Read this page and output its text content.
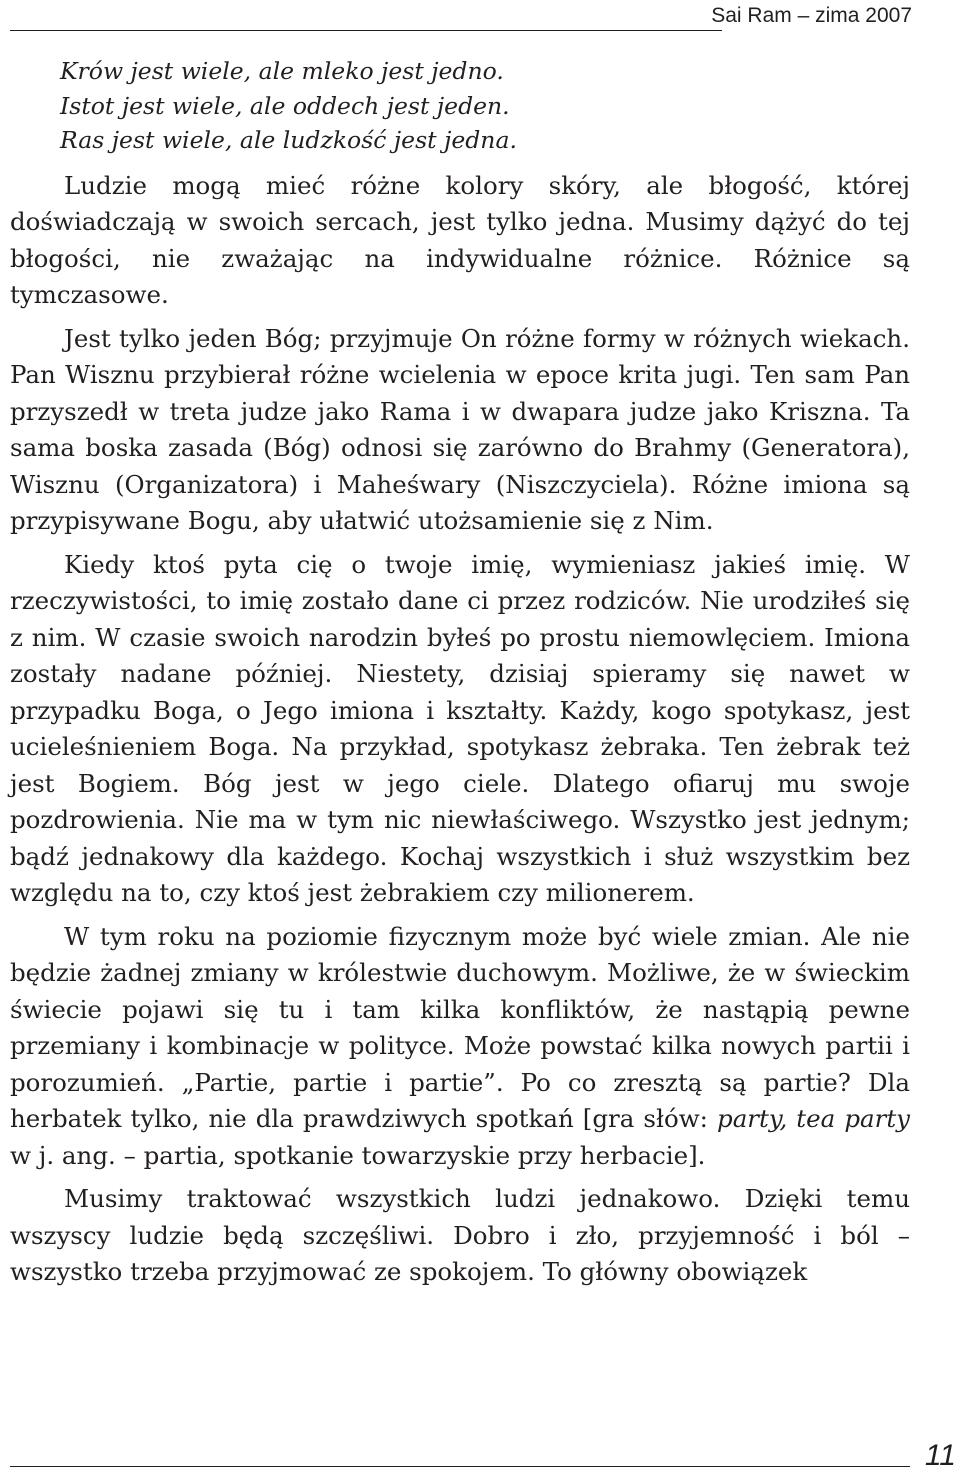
Sai Ram – zima 2007

Krów jest wiele, ale mleko jest jedno.

Istot jest wiele, ale oddech jest jeden.

Ras jest wiele, ale ludzkość jest jedna.

Ludzie mogą mieć różne kolory skóry, ale błogość, której doświadczają w swoich sercach, jest tylko jedna. Musimy dążyć do tej błogości, nie zważając na indywidualne różnice. Różnice są tymczasowe.

Jest tylko jeden Bóg; przyjmuje On różne formy w różnych wiekach. Pan Wisznu przybierał różne wcielenia w epoce krita jugi. Ten sam Pan przyszedł w treta judze jako Rama i w dwapara judze jako Kriszna. Ta sama boska zasada (Bóg) odnosi się zarówno do Brahmy (Generatora), Wisznu (Organizatora) i Maheśwary (Niszczyciela). Różne imiona są przypisywane Bogu, aby ułatwić utożsamienie się z Nim.

Kiedy ktoś pyta cię o twoje imię, wymieniasz jakieś imię. W rzeczywistości, to imię zostało dane ci przez rodziców. Nie urodziłeś się z nim. W czasie swoich narodzin byłeś po prostu niemowlęciem. Imiona zostały nadane później. Niestety, dzisiaj spieramy się nawet w przypadku Boga, o Jego imiona i kształty. Każdy, kogo spotykasz, jest ucieleśnieniem Boga. Na przykład, spotykasz żebraka. Ten żebrak też jest Bogiem. Bóg jest w jego ciele. Dlatego ofiaruj mu swoje pozdrowienia. Nie ma w tym nic niewłaściwego. Wszystko jest jednym; bądź jednakowy dla każdego. Kochaj wszystkich i służ wszystkim bez względu na to, czy ktoś jest żebrakiem czy milionerem.

W tym roku na poziomie fizycznym może być wiele zmian. Ale nie będzie żadnej zmiany w królestwie duchowym. Możliwe, że w świeckim świecie pojawi się tu i tam kilka konfliktów, że nastąpią pewne przemiany i kombinacje w polityce. Może powstać kilka nowych partii i porozumień. „Partie, partie i partie”. Po co zresztą są partie? Dla herbatek tylko, nie dla prawdziwych spotkań [gra słów: party, tea party w j. ang. – partia, spotkanie towarzyskie przy herbacie].

Musimy traktować wszystkich ludzi jednakowo. Dzięki temu wszyscy ludzie będą szczęśliwi. Dobro i zło, przyjemność i ból – wszystko trzeba przyjmować ze spokojem. To główny obowiązek

11
